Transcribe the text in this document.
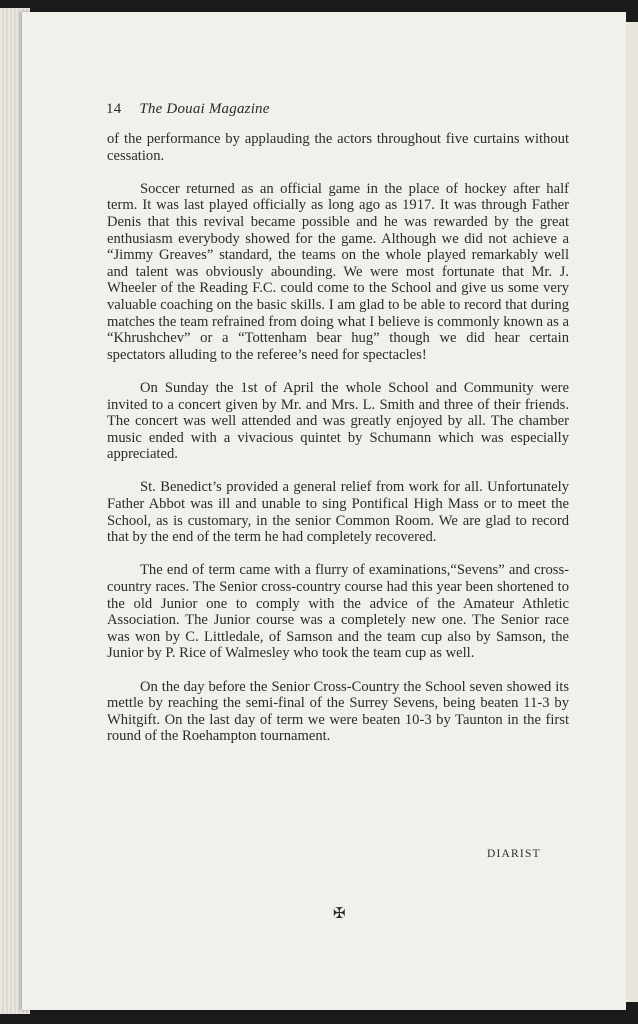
14 The Douai Magazine

of the performance by applauding the actors throughout five curtains without cessation.

Soccer returned as an official game in the place of hockey after half term. It was last played officially as long ago as 1917. It was through Father Denis that this revival became possible and he was rewarded by the great enthusiasm everybody showed for the game. Although we did not achieve a “Jimmy Greaves” standard, the teams on the whole played remarkably well and talent was obviously abounding. We were most fortunate that Mr. J. Wheeler of the Reading F.C. could come to the School and give us some very valuable coaching on the basic skills. I am glad to be able to record that during matches the team refrained from doing what I believe is commonly known as a “Khrushchev” or a “Tottenham bear hug” though we did hear certain spectators alluding to the referee’s need for spectacles!

On Sunday the 1st of April the whole School and Community were invited to a concert given by Mr. and Mrs. L. Smith and three of their friends. The concert was well attended and was greatly enjoyed by all. The chamber music ended with a vivacious quintet by Schumann which was especially appreciated.

St. Benedict’s provided a general relief from work for all. Unfortunately Father Abbot was ill and unable to sing Pontifical High Mass or to meet the School, as is customary, in the senior Common Room. We are glad to record that by the end of the term he had completely recovered.

The end of term came with a flurry of examinations,“Sevens” and cross-country races. The Senior cross-country course had this year been shortened to the old Junior one to comply with the advice of the Amateur Athletic Association. The Junior course was a completely new one. The Senior race was won by C. Littledale, of Samson and the team cup also by Samson, the Junior by P. Rice of Walmesley who took the team cup as well.

On the day before the Senior Cross-Country the School seven showed its mettle by reaching the semi-final of the Surrey Sevens, being beaten 11-3 by Whitgift. On the last day of term we were beaten 10-3 by Taunton in the first round of the Roehampton tournament.

DIARIST
✠
